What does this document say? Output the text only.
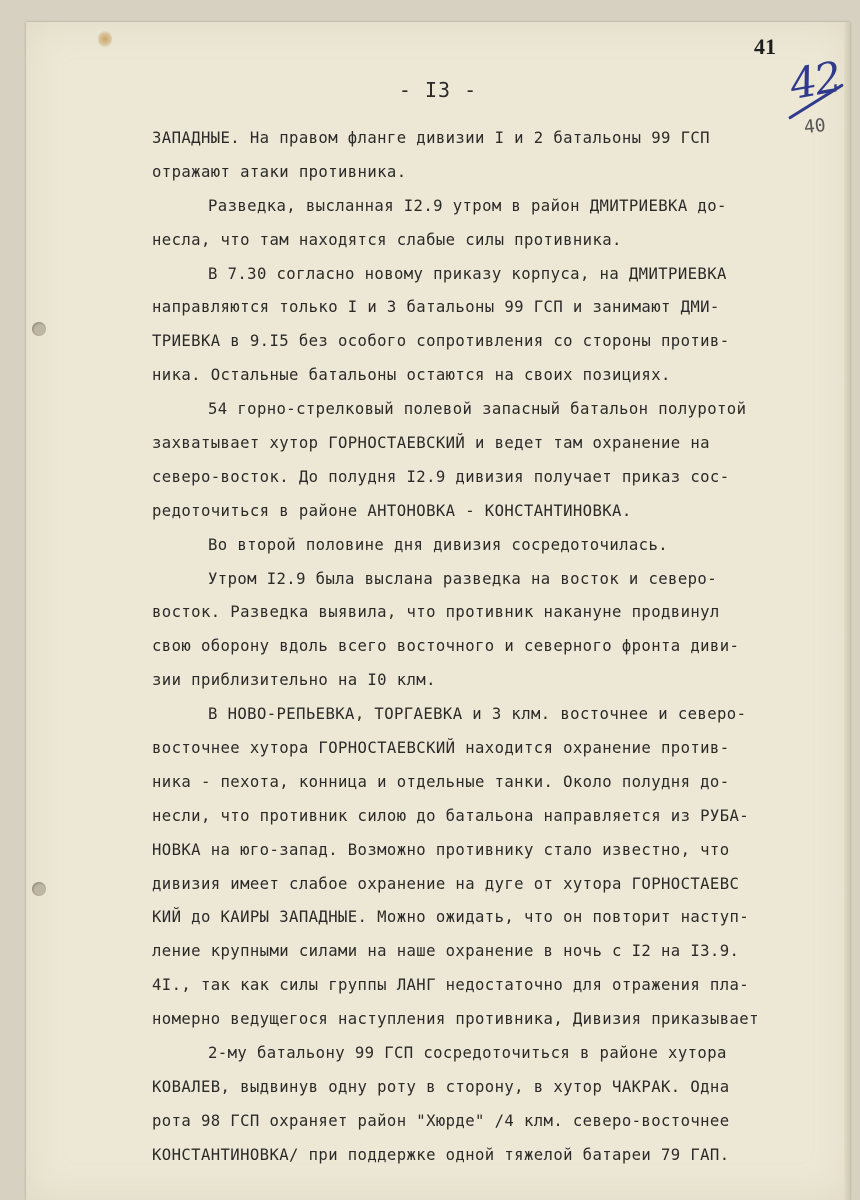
41
42
40
- I3 -
ЗАПАДНЫЕ. На правом фланге дивизии I и 2 батальоны 99 ГСП
отражают атаки противника.
Разведка, высланная I2.9 утром в район ДМИТРИЕВКА до-
несла, что там находятся слабые силы противника.
В 7.30 согласно новому приказу корпуса, на ДМИТРИЕВКА
направляются только I и 3 батальоны 99 ГСП и занимают ДМИ-
ТРИЕВКА в 9.I5 без особого сопротивления со стороны против-
ника. Остальные батальоны остаются на своих позициях.
54 горно-стрелковый полевой запасный батальон полуротой
захватывает хутор ГОРНОСТАЕВСКИЙ и ведет там охранение на
северо-восток. До полудня I2.9 дивизия получает приказ сос-
редоточиться в районе АНТОНОВКА - КОНСТАНТИНОВКА.
Во второй половине дня дивизия сосредоточилась.
Утром I2.9 была выслана разведка на восток и северо-
восток. Разведка выявила, что противник накануне продвинул
свою оборону вдоль всего восточного и северного фронта диви-
зии приблизительно на I0 клм.
В НОВО-РЕПЬЕВКА, ТОРГАЕВКА и 3 клм. восточнее и северо-
восточнее хутора ГОРНОСТАЕВСКИЙ находится охранение против-
ника - пехота, конница и отдельные танки. Около полудня до-
несли, что противник силою до батальона направляется из РУБА-
НОВКА на юго-запад. Возможно противнику стало известно, что
дивизия имеет слабое охранение на дуге от хутора ГОРНОСТАЕВС
КИЙ до КАИРЫ ЗАПАДНЫЕ. Можно ожидать, что он повторит наступ-
ление крупными силами на наше охранение в ночь с I2 на I3.9.
4I., так как силы группы ЛАНГ недостаточно для отражения пла-
номерно ведущегося наступления противника, Дивизия приказывает
2-му батальону 99 ГСП сосредоточиться в районе хутора
КОВАЛЕВ, выдвинув одну роту в сторону, в хутор ЧАКРАК. Одна
рота 98 ГСП охраняет район "Хюрде" /4 клм. северо-восточнее
КОНСТАНТИНОВКА/ при поддержке одной тяжелой батареи 79 ГАП.
